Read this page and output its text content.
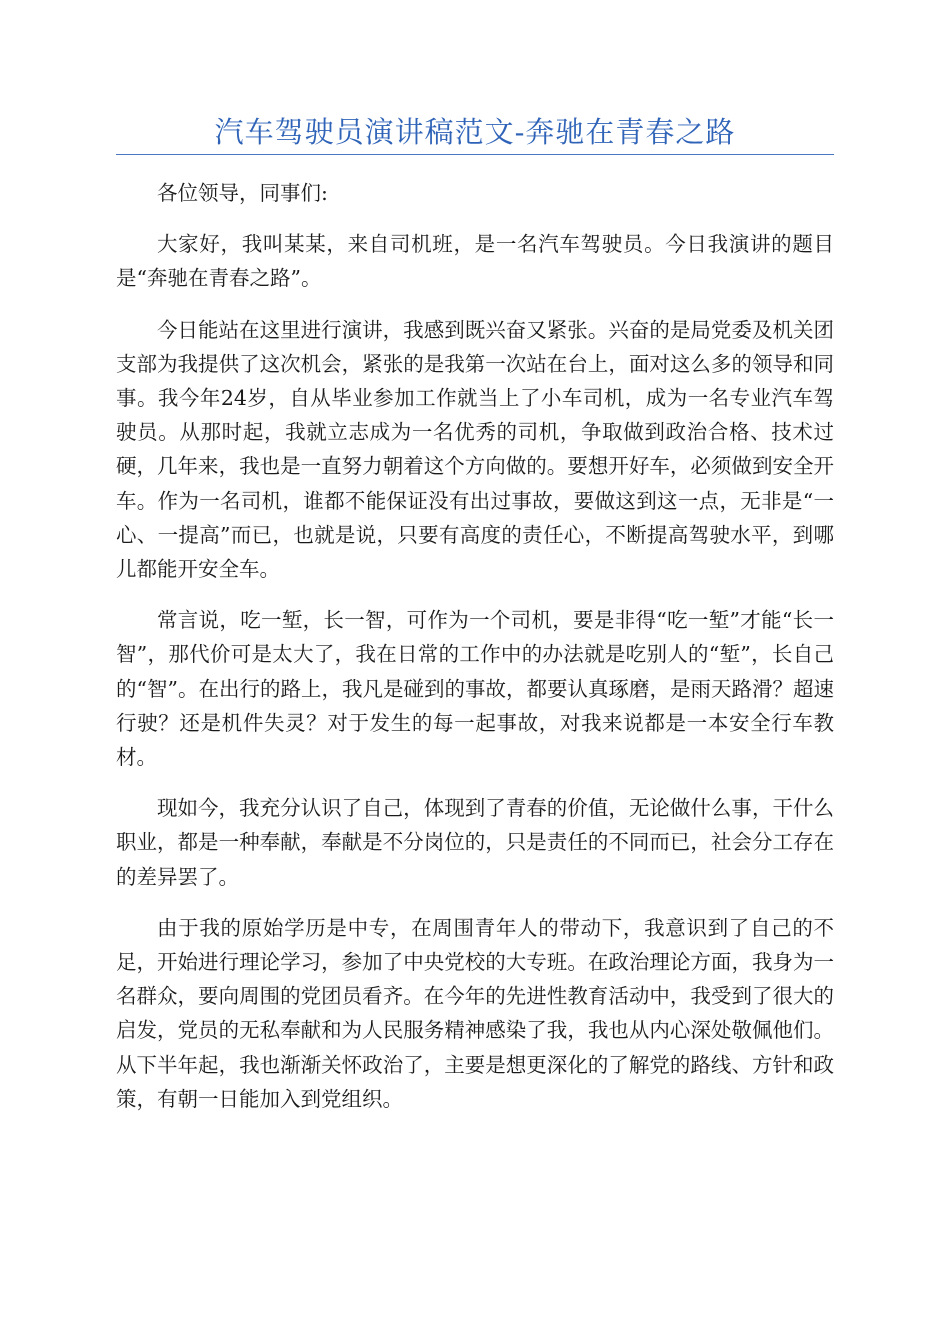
汽车驾驶员演讲稿范文-奔驰在青春之路

各位领导，同事们:

大家好，我叫某某，来自司机班，是一名汽车驾驶员。今日我演讲的题目是“奔驰在青春之路”。

今日能站在这里进行演讲，我感到既兴奋又紧张。兴奋的是局党委及机关团支部为我提供了这次机会，紧张的是我第一次站在台上，面对这么多的领导和同事。我今年24岁，自从毕业参加工作就当上了小车司机，成为一名专业汽车驾驶员。从那时起，我就立志成为一名优秀的司机，争取做到政治合格、技术过硬，几年来，我也是一直努力朝着这个方向做的。要想开好车，必须做到安全开车。作为一名司机，谁都不能保证没有出过事故，要做这到这一点，无非是“一心、一提高”而已，也就是说，只要有高度的责任心，不断提高驾驶水平，到哪儿都能开安全车。

常言说，吃一堑，长一智，可作为一个司机，要是非得“吃一堑”才能“长一智”，那代价可是太大了，我在日常的工作中的办法就是吃别人的“堑”，长自己的“智”。在出行的路上，我凡是碰到的事故，都要认真琢磨，是雨天路滑？超速行驶？还是机件失灵？对于发生的每一起事故，对我来说都是一本安全行车教材。

现如今，我充分认识了自己，体现到了青春的价值，无论做什么事，干什么职业，都是一种奉献，奉献是不分岗位的，只是责任的不同而已，社会分工存在的差异罢了。

由于我的原始学历是中专，在周围青年人的带动下，我意识到了自己的不足，开始进行理论学习，参加了中央党校的大专班。在政治理论方面，我身为一名群众，要向周围的党团员看齐。在今年的先进性教育活动中，我受到了很大的启发，党员的无私奉献和为人民服务精神感染了我，我也从内心深处敬佩他们。从下半年起，我也渐渐关怀政治了，主要是想更深化的了解党的路线、方针和政策，有朝一日能加入到党组织。
